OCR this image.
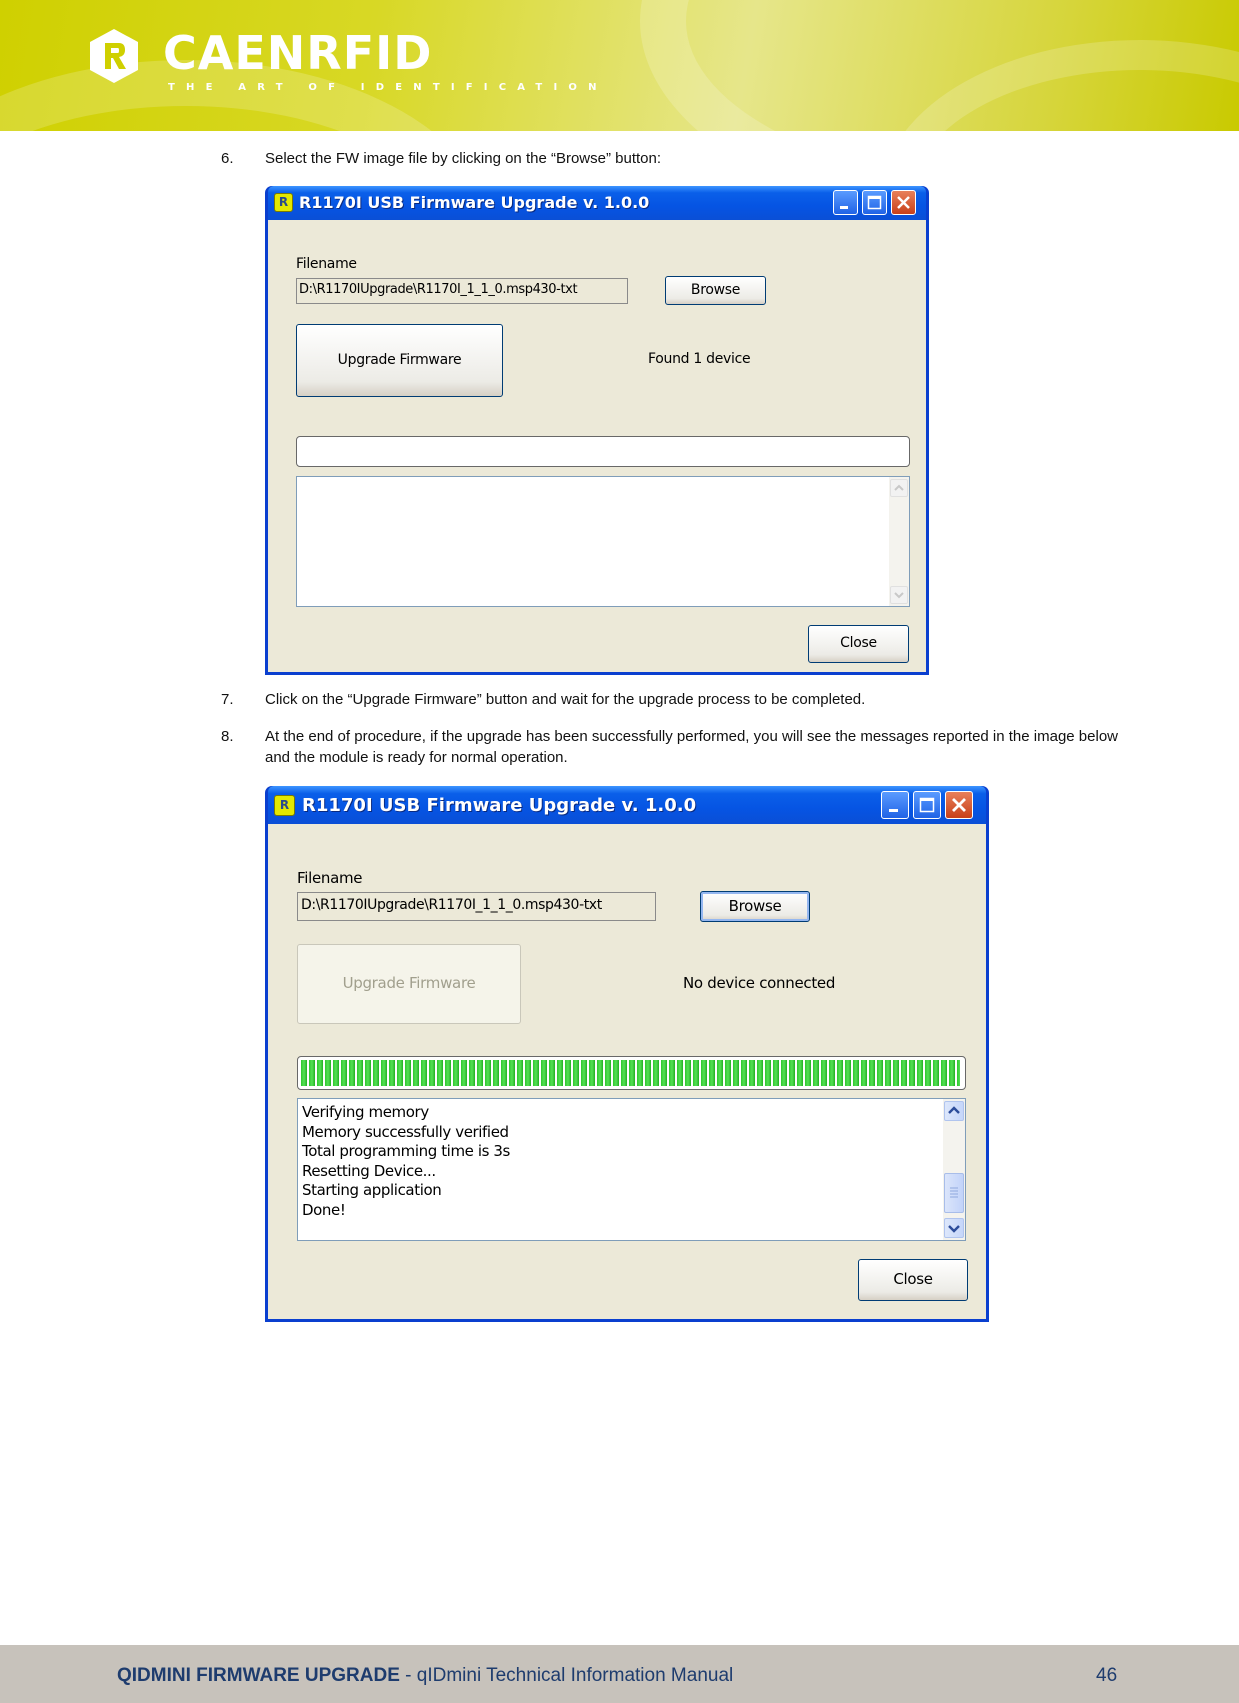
CAENRFID
THE ART OF IDENTIFICATION
6. Select the FW image file by clicking on the “Browse” button:
R R1170I USB Firmware Upgrade v. 1.0.0
Filename
D:\R1170IUpgrade\R1170I_1_1_0.msp430-txt	Browse
Upgrade Firmware	Found 1 device
Close
7. Click on the “Upgrade Firmware” button and wait for the upgrade process to be completed.
8. At the end of procedure, if the upgrade has been successfully performed, you will see the messages reported in the image below and the module is ready for normal operation.
R R1170I USB Firmware Upgrade v. 1.0.0
Filename
D:\R1170IUpgrade\R1170I_1_1_0.msp430-txt	Browse
Upgrade Firmware	No device connected
Verifying memory
Memory successfully verified
Total programming time is 3s
Resetting Device...
Starting application
Done!
Close
QIDMINI FIRMWARE UPGRADE - qIDmini Technical Information Manual	46
